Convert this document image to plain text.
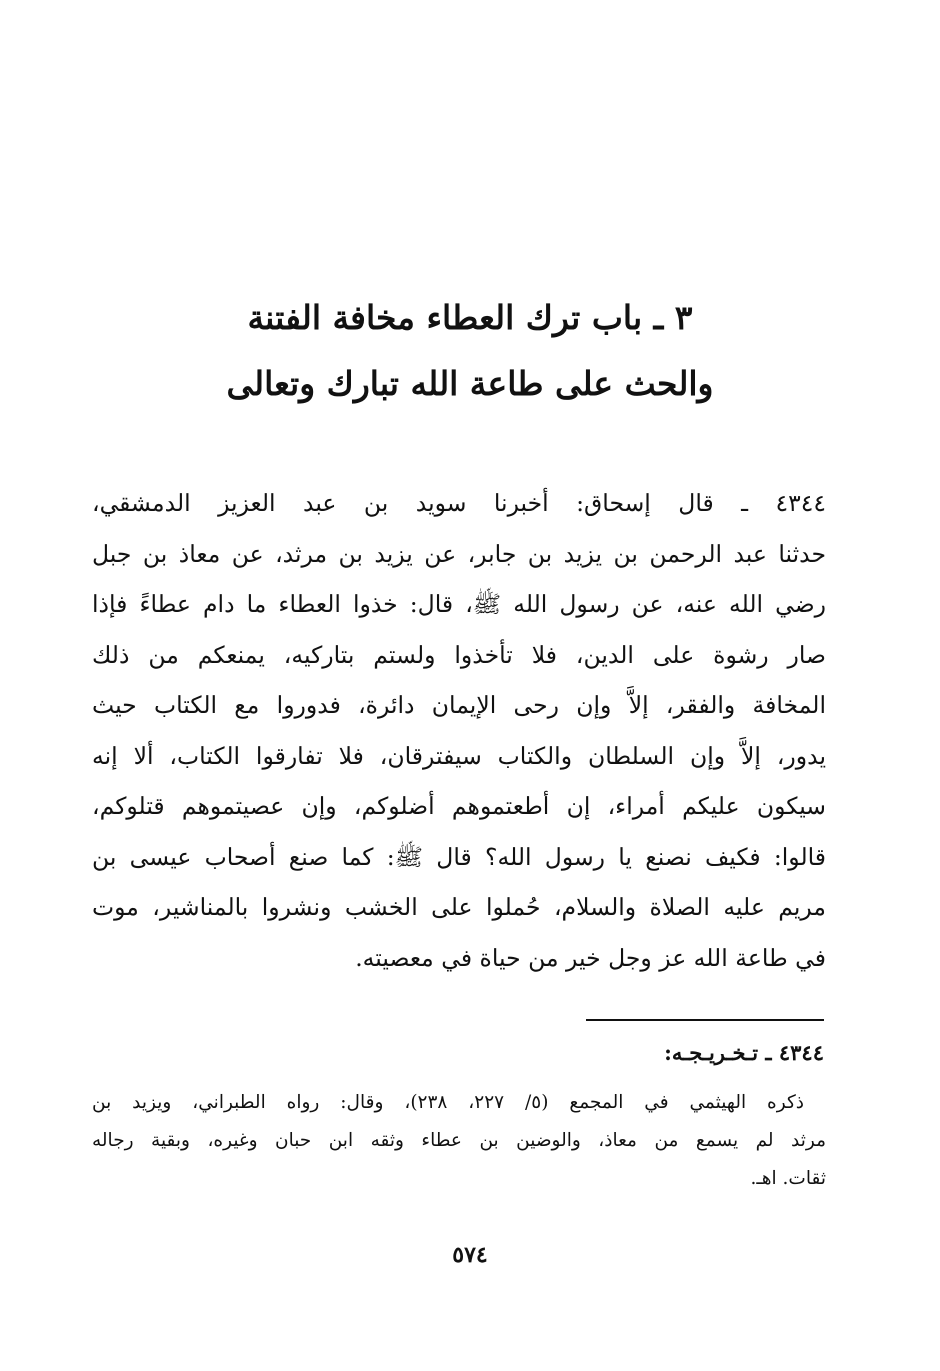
٣ ـ باب ترك العطاء مخافة الفتنة
والحث على طاعة الله تبارك وتعالى
٤٣٤٤ ـ قال إسحاق: أخبرنا سويد بن عبد العزيز الدمشقي،
حدثنا عبد الرحمن بن يزيد بن جابر، عن يزيد بن مرثد، عن معاذ بن جبل
رضي الله عنه، عن رسول الله ﷺ، قال: خذوا العطاء ما دام عطاءً فإذا
صار رشوة على الدين، فلا تأخذوا ولستم بتاركيه، يمنعكم من ذلك
المخافة والفقر، إلاَّ وإن رحى الإيمان دائرة، فدوروا مع الكتاب حيث
يدور، إلاَّ وإن السلطان والكتاب سيفترقان، فلا تفارقوا الكتاب، ألا إنه
سيكون عليكم أمراء، إن أطعتموهم أضلوكم، وإن عصيتموهم قتلوكم،
قالوا: فكيف نصنع يا رسول الله؟ قال ﷺ: كما صنع أصحاب عيسى بن
مريم عليه الصلاة والسلام، حُملوا على الخشب ونشروا بالمناشير، موت
في طاعة الله عز وجل خير من حياة في معصيته.
٤٣٤٤ ـ تـخـريـجـه:
ذكره الهيثمي في المجمع (٥/ ٢٢٧، ٢٣٨)، وقال: رواه الطبراني، ويزيد بن
مرثد لم يسمع من معاذ، والوضين بن عطاء وثقه ابن حبان وغيره، وبقية رجاله
ثقات. اهـ.
٥٧٤
